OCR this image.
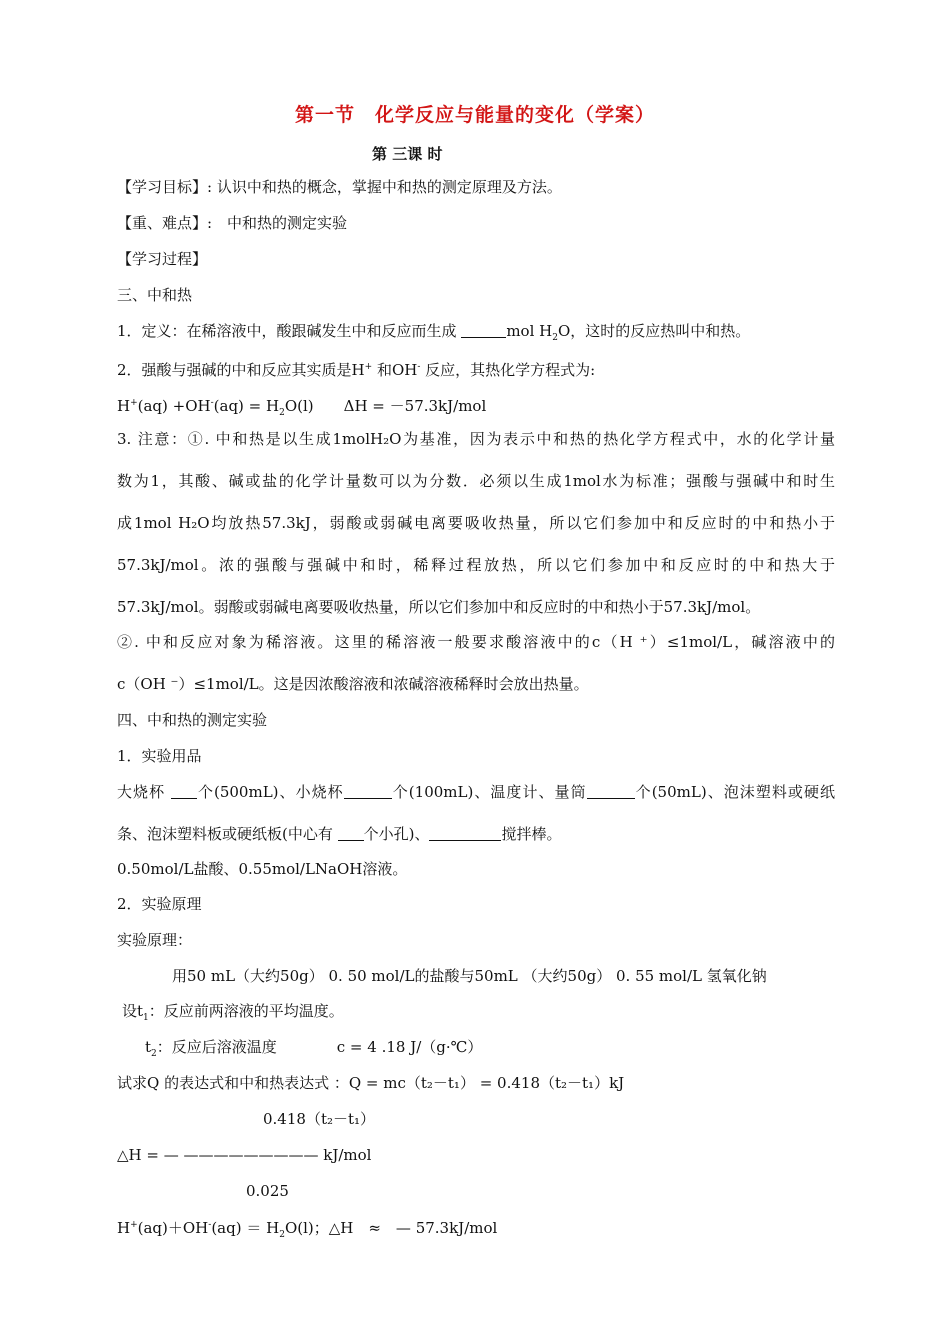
第一节　化学反应与能量的变化（学案）
第 三课 时
【学习目标】: 认识中和热的概念，掌握中和热的测定原理及方法。
【重、难点】:　中和热的测定实验
【学习过程】
三、中和热
1．定义：在稀溶液中，酸跟碱发生中和反应而生成	mol $H_2O$，这时的反应热叫中和热。
2．强酸与强碱的中和反应其实质是H+ 和OH- 反应，其热化学方程式为:
$H^+(aq) +OH^-(aq) = H_2O(l)$　　ΔH = －57.3kJ/mol
3. 注意：①. 中和热是以生成1molH₂O为基准，因为表示中和热的热化学方程式中，水的化学计量
数为1，其酸、碱或盐的化学计量数可以为分数．必须以生成1mol水为标准；强酸与强碱中和时生
成1mol H₂O均放热57.3kJ，弱酸或弱碱电离要吸收热量，所以它们参加中和反应时的中和热小于
57.3kJ/mol。浓的强酸与强碱中和时，稀释过程放热，所以它们参加中和反应时的中和热大于
57.3kJ/mol。弱酸或弱碱电离要吸收热量，所以它们参加中和反应时的中和热小于57.3kJ/mol。
②. 中和反应对象为稀溶液。这里的稀溶液一般要求酸溶液中的c（H ⁺）≤1mol/L，碱溶液中的
c（OH ⁻）≤1mol/L。这是因浓酸溶液和浓碱溶液稀释时会放出热量。
四、中和热的测定实验
1．实验用品
大烧杯 个(500mL)、小烧杯	个(100mL)、温度计、量筒	个(50mL)、泡沫塑料或硬纸
条、泡沫塑料板或硬纸板(中心有 个小孔)、	搅拌棒。
0.50mol/L盐酸、0.55mol/LNaOH溶液。
2．实验原理
实验原理：
用50 mL（大约50g） 0. 50 mol/L的盐酸与50mL （大约50g） 0. 55 mol/L 氢氧化钠
设$t_1$：反应前两溶液的平均温度。
$t_2$：反应后溶液温度　　　　c = 4 .18 J/（g·℃）
试求Q 的表达式和中和热表达式 ：Q = mc（t₂－t₁） = 0.418（t₂－t₁）kJ
0.418（t₂－t₁）
△H = — ————————— kJ/mol
0.025
$H^+(aq)+OH^-(aq) = H_2O(l)$；△H　≈　— 57.3kJ/mol
